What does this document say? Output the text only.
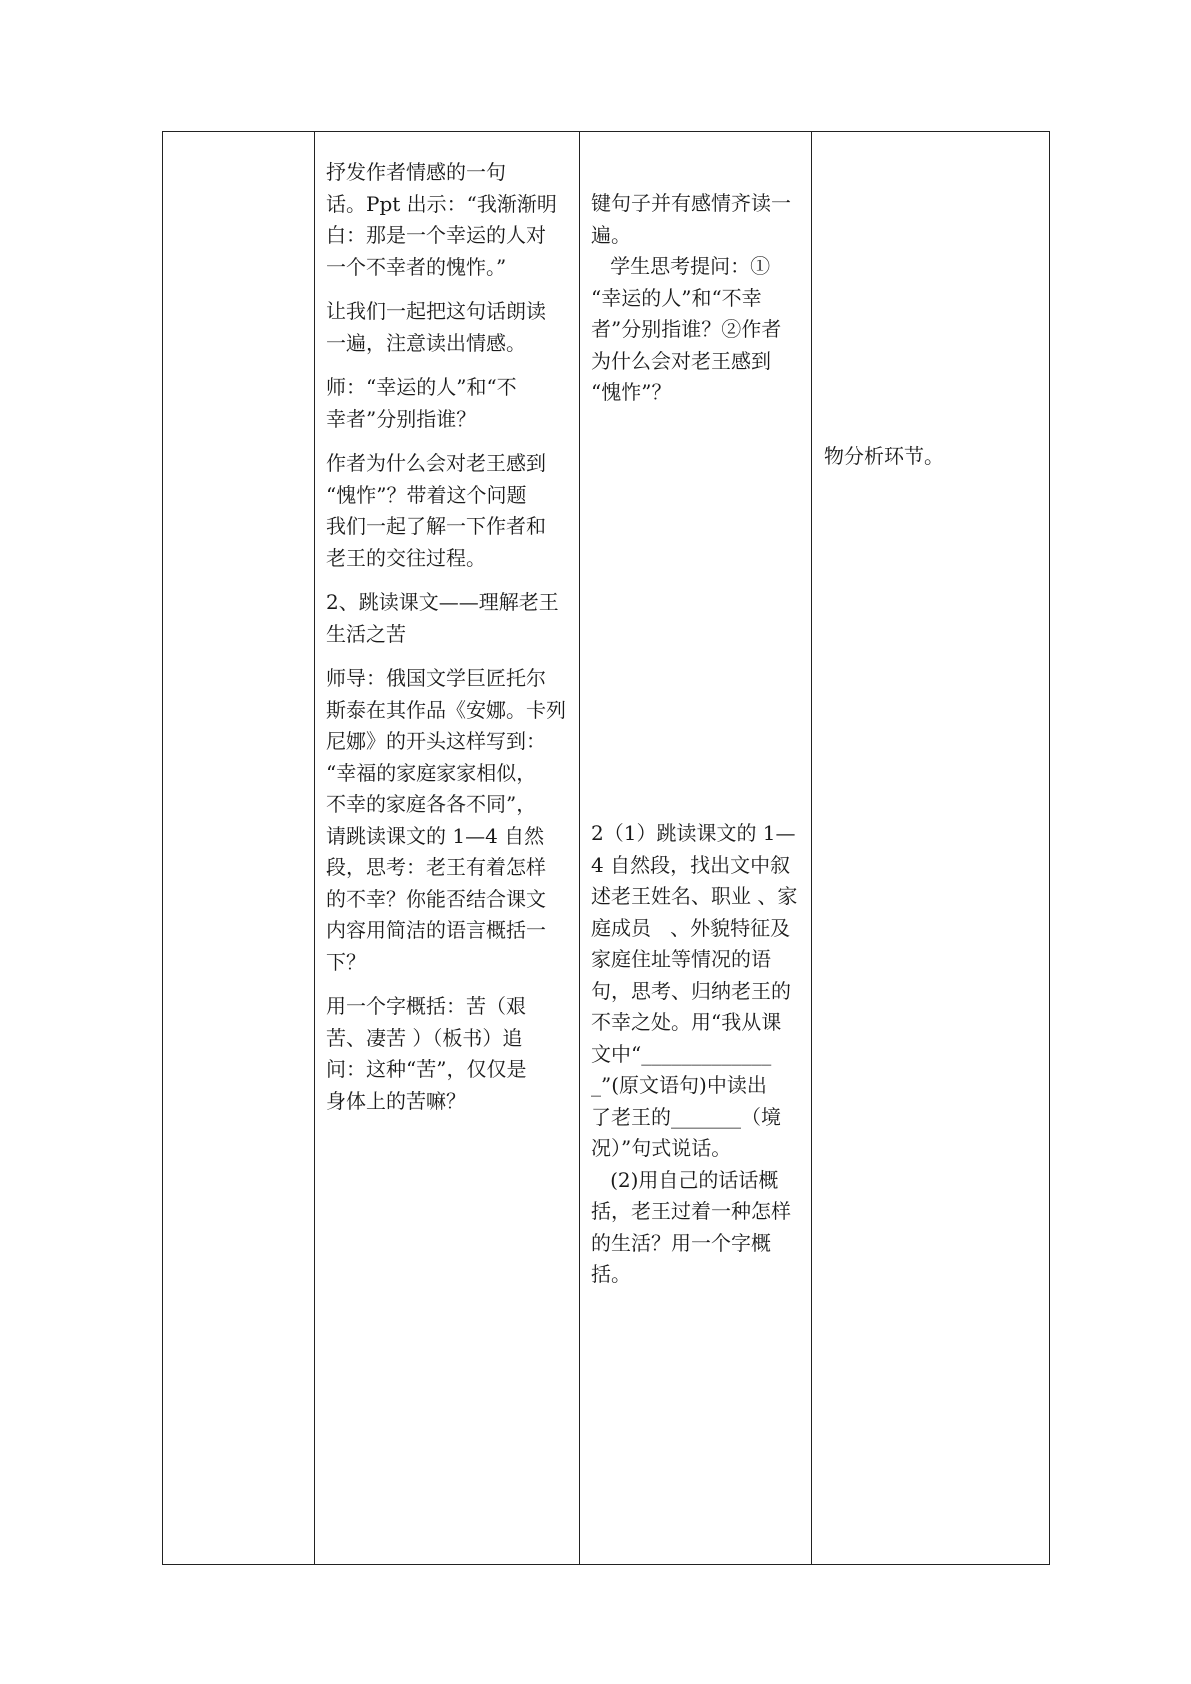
抒发作者情感的一句
话。Ppt 出示：“我渐渐明
白：那是一个幸运的人对
一个不幸者的愧怍。”
让我们一起把这句话朗读
一遍，注意读出情感。
师：“幸运的人”和“不
幸者”分别指谁？
作者为什么会对老王感到
“愧怍”？带着这个问题
我们一起了解一下作者和
老王的交往过程。
2、跳读课文——理解老王
生活之苦
师导：俄国文学巨匠托尔
斯泰在其作品《安娜。卡列
尼娜》的开头这样写到：
“幸福的家庭家家相似，
不幸的家庭各各不同”，
请跳读课文的 1—4 自然
段，思考：老王有着怎样
的不幸？你能否结合课文
内容用简洁的语言概括一
下？
用一个字概括：苦（艰
苦、凄苦 ）（板书）追
问：这种“苦”，仅仅是
身体上的苦嘛？
键句子并有感情齐读一
遍。
学生思考提问：①
“幸运的人”和“不幸
者”分别指谁？②作者
为什么会对老王感到
“愧怍”？
2（1）跳读课文的 1—
4 自然段，找出文中叙
述老王姓名、职业 、家
庭成员   、外貌特征及
家庭住址等情况的语
句，思考、归纳老王的
不幸之处。用“我从课
文中“_____________
_”(原文语句)中读出
了老王的_______（境
况）”句式说话。
(2)用自己的话话概
括，老王过着一种怎样
的生活？用一个字概
括。

物分析环节。
